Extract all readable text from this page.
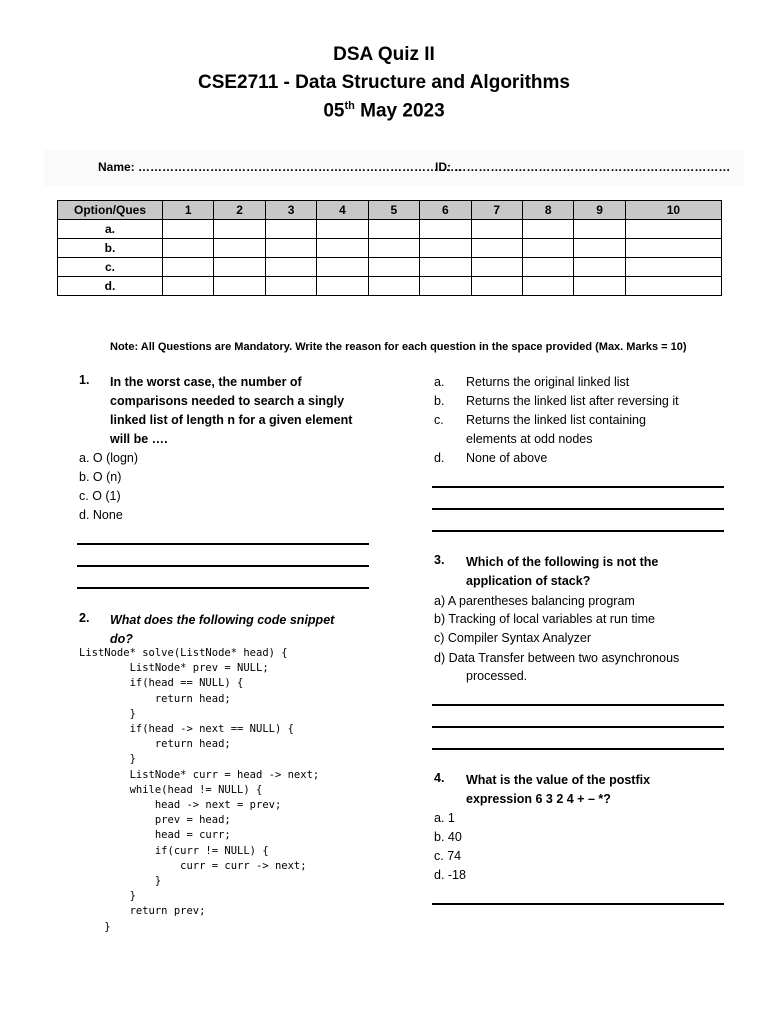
DSA Quiz II
CSE2711 - Data Structure and Algorithms
05th May 2023
Name: ………………………………………………………………………
ID: ……………………………………………………………
Option/Ques	1	2	3	4	5	6	7	8	9	10
a.										
b.										
c.										
d.										
Note: All Questions are Mandatory. Write the reason for each question in the space provided (Max. Marks = 10)
1. In the worst case, the number of
comparisons needed to search a singly
linked list of length n for a given element
will be ….
a. O (logn)
b. O (n)
c. O (1)
d. None
2. What does the following code snippet
do?
ListNode* solve(ListNode* head) {
ListNode* prev = NULL;
if(head == NULL) {
return head;
}
if(head -> next == NULL) {
return head;
}
ListNode* curr = head -> next;
while(head != NULL) {
head -> next = prev;
prev = head;
head = curr;
if(curr != NULL) {
curr = curr -> next;
}
}
return prev;
}
a. Returns the original linked list
b. Returns the linked list after reversing it
c. Returns the linked list containing
elements at odd nodes
d. None of above
3. Which of the following is not the
application of stack?
a) A parentheses balancing program
b) Tracking of local variables at run time
c) Compiler Syntax Analyzer
d) Data Transfer between two asynchronous
processed.
4. What is the value of the postfix
expression 6 3 2 4 + – *?
a. 1
b. 40
c. 74
d. -18
